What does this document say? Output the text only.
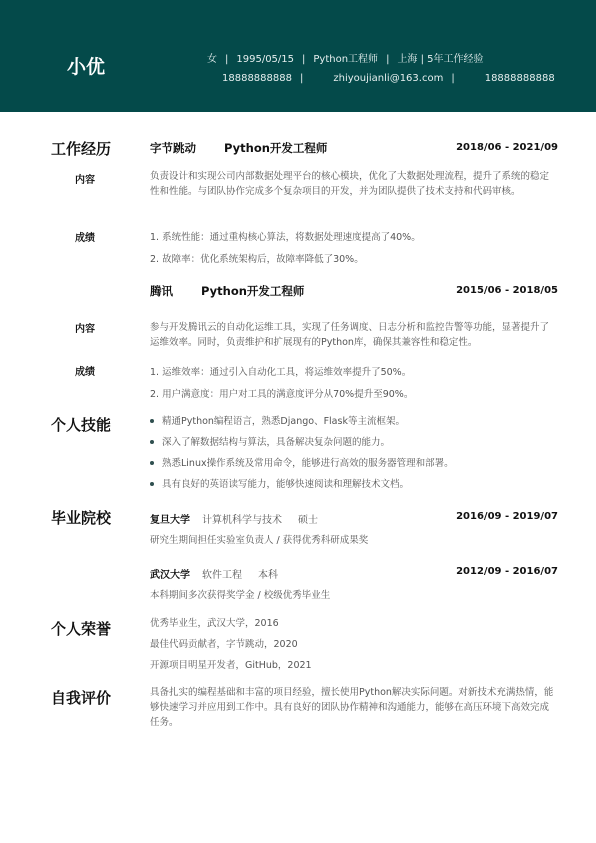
小优	女 | 1995/05/15 | Python工程师 | 上海 | 5年工作经验
18888888888 |	zhiyoujianli@163.com |	18888888888
工作经历	字节跳动 Python开发工程师	2018/06 - 2021/09
内容	负责设计和实现公司内部数据处理平台的核心模块，优化了大数据处理流程，提升了系统的稳定性和性能。与团队协作完成多个复杂项目的开发，并为团队提供了技术支持和代码审核。
成绩	1. 系统性能：通过重构核心算法，将数据处理速度提高了40%。
2. 故障率：优化系统架构后，故障率降低了30%。
腾讯 Python开发工程师	2015/06 - 2018/05
内容	参与开发腾讯云的自动化运维工具，实现了任务调度、日志分析和监控告警等功能，显著提升了运维效率。同时，负责维护和扩展现有的Python库，确保其兼容性和稳定性。
成绩	1. 运维效率：通过引入自动化工具，将运维效率提升了50%。
2. 用户满意度：用户对工具的满意度评分从70%提升至90%。
个人技能	精通Python编程语言，熟悉Django、Flask等主流框架。
深入了解数据结构与算法，具备解决复杂问题的能力。
熟悉Linux操作系统及常用命令，能够进行高效的服务器管理和部署。
具有良好的英语读写能力，能够快速阅读和理解技术文档。
毕业院校	复旦大学 计算机科学与技术 硕士	2016/09 - 2019/07
研究生期间担任实验室负责人 / 获得优秀科研成果奖
武汉大学 软件工程 本科	2012/09 - 2016/07
本科期间多次获得奖学金 / 校级优秀毕业生
个人荣誉	优秀毕业生，武汉大学，2016
最佳代码贡献者，字节跳动，2020
开源项目明星开发者，GitHub，2021
自我评价	具备扎实的编程基础和丰富的项目经验，擅长使用Python解决实际问题。对新技术充满热情，能够快速学习并应用到工作中。具有良好的团队协作精神和沟通能力，能够在高压环境下高效完成任务。
